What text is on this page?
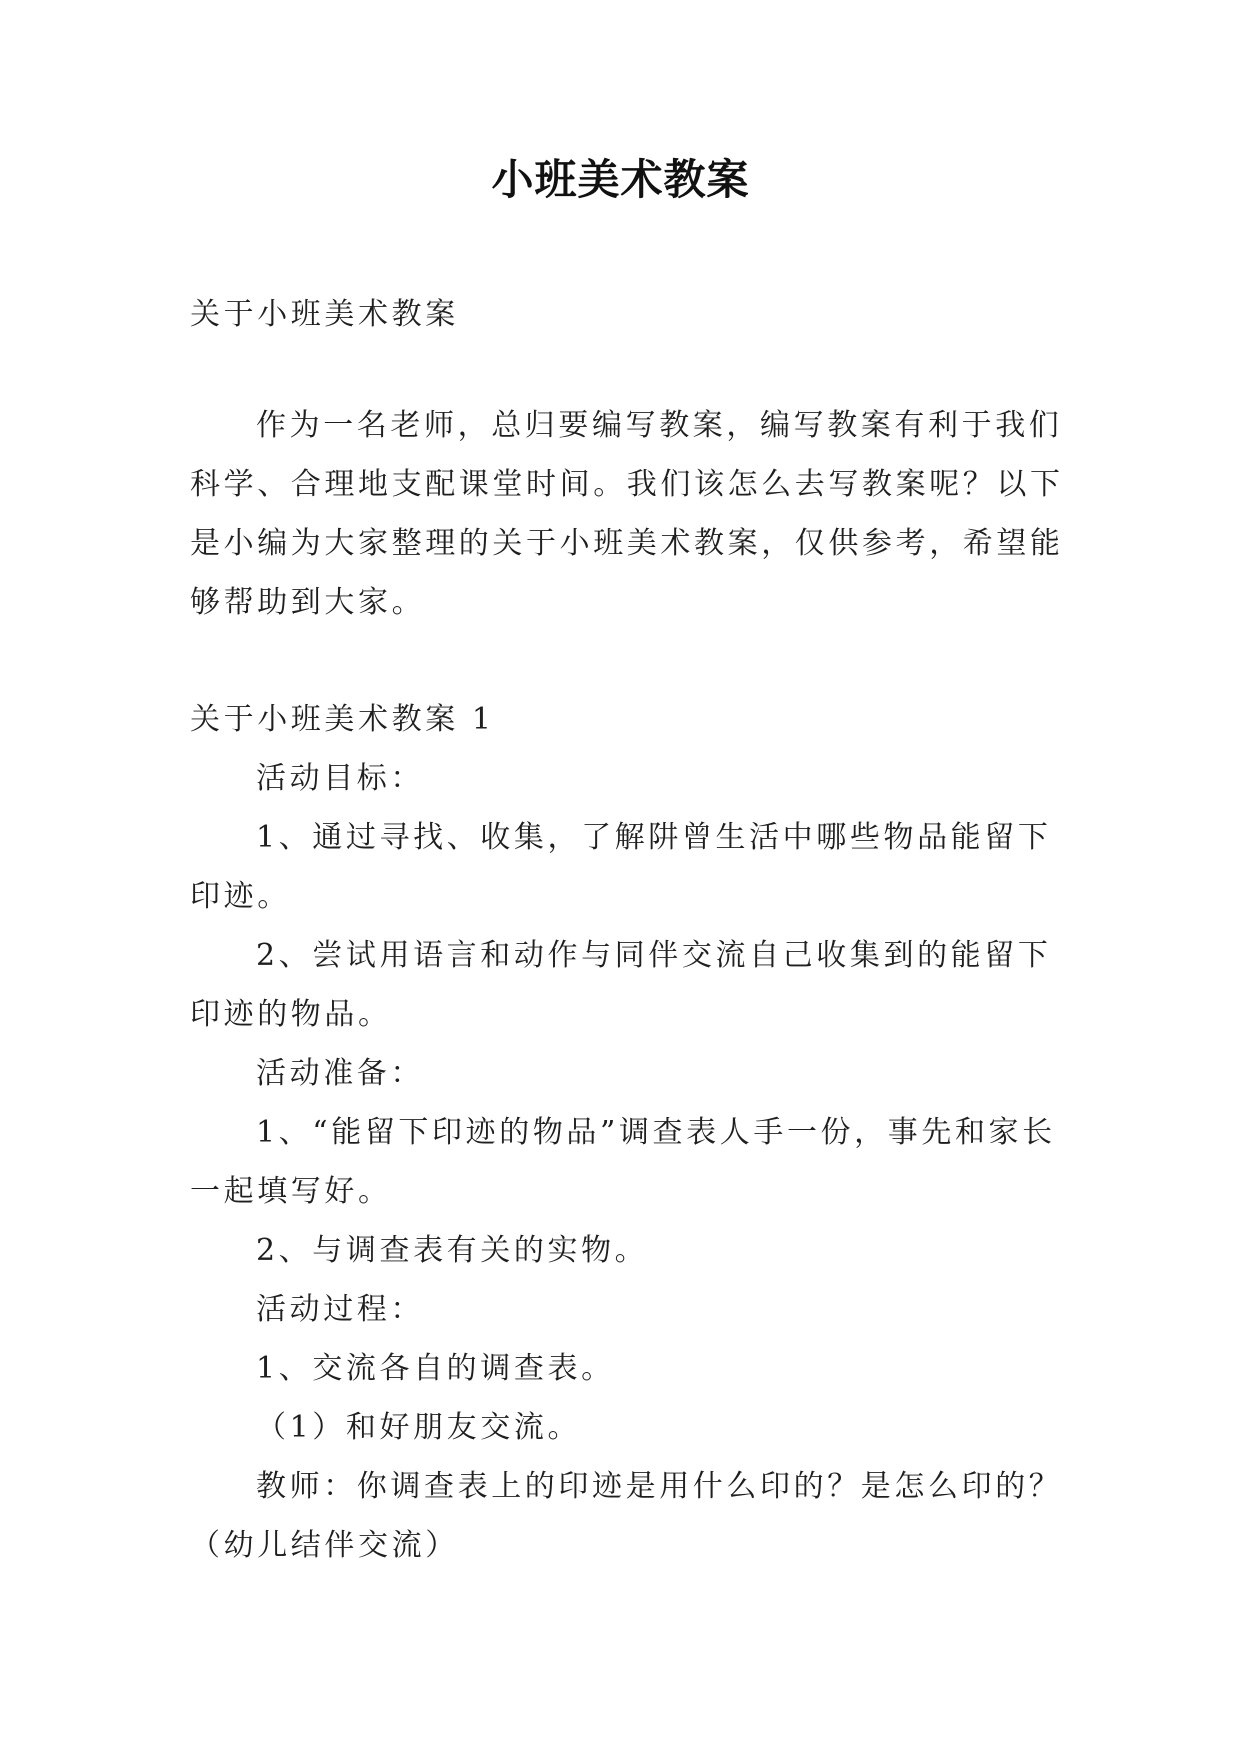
小班美术教案
关于小班美术教案
作为一名老师，总归要编写教案，编写教案有利于我们
科学、合理地支配课堂时间。我们该怎么去写教案呢？以下
是小编为大家整理的关于小班美术教案，仅供参考，希望能
够帮助到大家。
关于小班美术教案 1
活动目标：
1、通过寻找、收集，了解阱曾生活中哪些物品能留下
印迹。
2、尝试用语言和动作与同伴交流自己收集到的能留下
印迹的物品。
活动准备：
1、“能留下印迹的物品”调查表人手一份，事先和家长
一起填写好。
2、与调查表有关的实物。
活动过程：
1、交流各自的调查表。
（1）和好朋友交流。
教师：你调查表上的印迹是用什么印的？是怎么印的？
（幼儿结伴交流）
